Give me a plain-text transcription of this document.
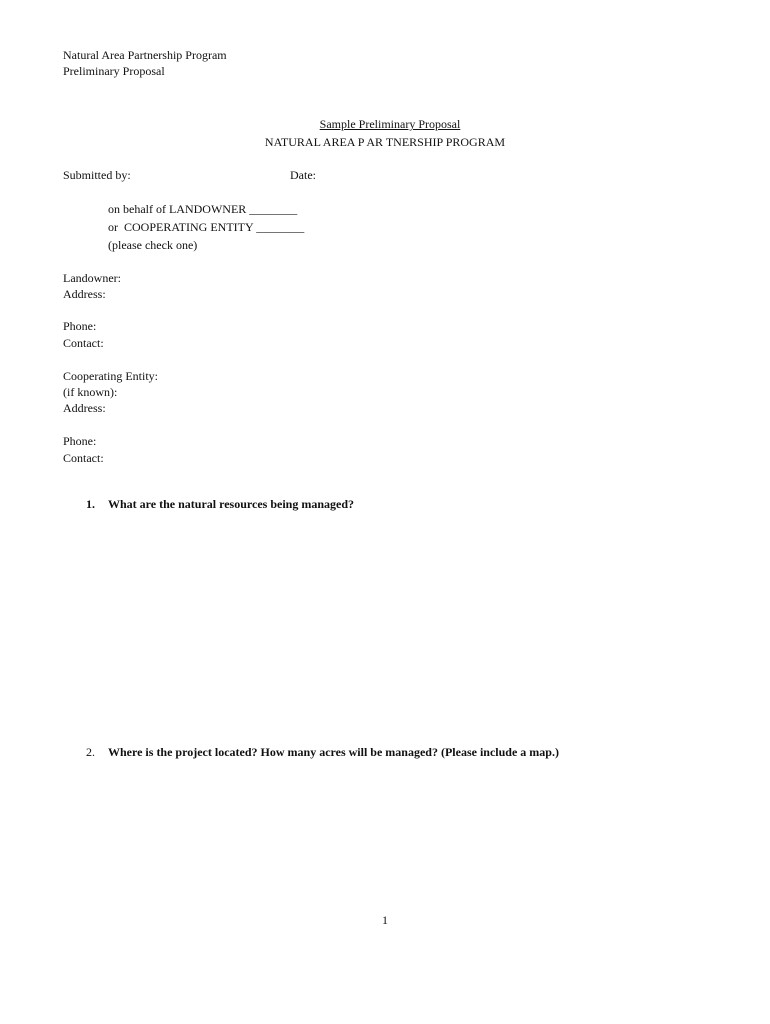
Natural Area Partnership Program
Preliminary Proposal

Sample Preliminary Proposal

NATURAL AREA P AR TNERSHIP PROGRAM
Submitted by:	Date:
on behalf of LANDOWNER ________
or  COOPERATING ENTITY ________
(please check one)
Landowner:
Address:
Phone:
Contact:
Cooperating Entity:
(if known):
Address:
Phone:
Contact:
1. What are the natural resources being managed?
2. Where is the project located? How many acres will be managed? (Please include a map.)
1
